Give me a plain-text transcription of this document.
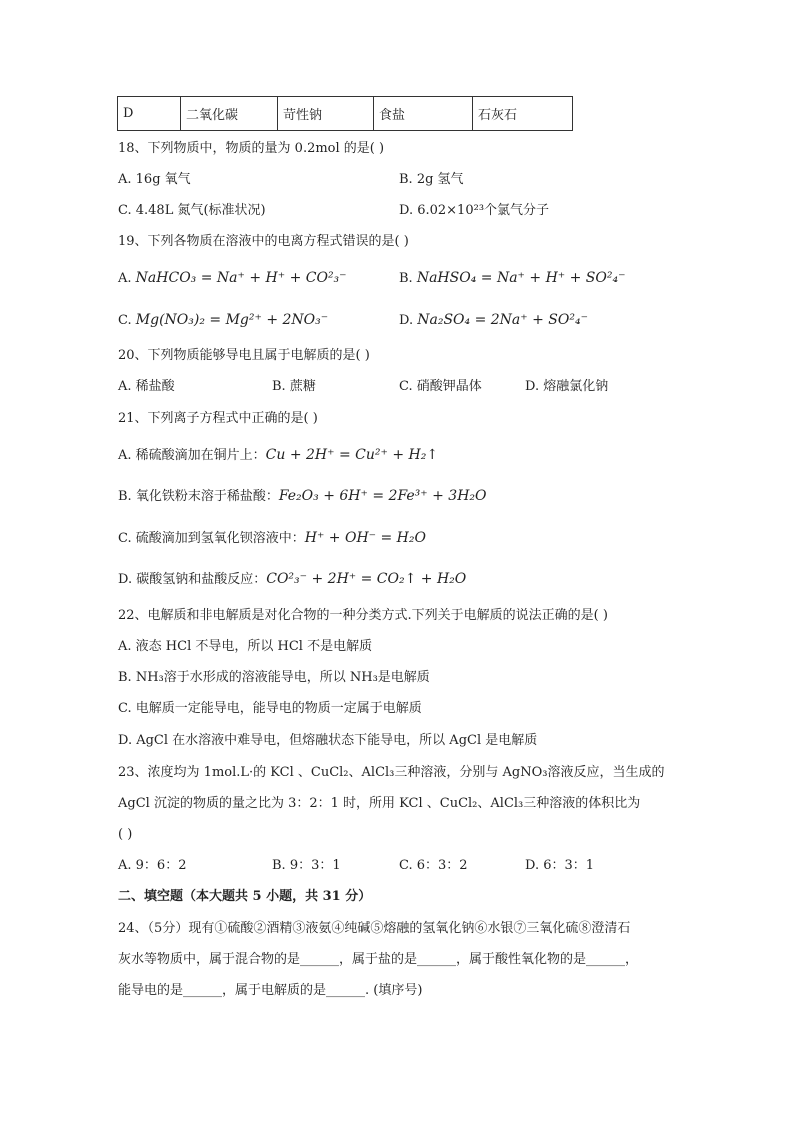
D	二氧化碳	苛性钠	食盐	石灰石
18、下列物质中，物质的量为 0.2mol 的是( )
A. 16g 氧气	B. 2g 氢气
C. 4.48L 氮气(标准状况)	D. 6.02×10²³个氯气分子
19、下列各物质在溶液中的电离方程式错误的是( )
A. NaHCO₃ = Na⁺ + H⁺ + CO²₃⁻	B. NaHSO₄ = Na⁺ + H⁺ + SO²₄⁻
C. Mg(NO₃)₂ = Mg²⁺ + 2NO₃⁻	D. Na₂SO₄ = 2Na⁺ + SO²₄⁻
20、下列物质能够导电且属于电解质的是( )
A. 稀盐酸	B. 蔗糖	C. 硝酸钾晶体	D. 熔融氯化钠
21、下列离子方程式中正确的是( )
A. 稀硫酸滴加在铜片上：Cu + 2H⁺ = Cu²⁺ + H₂↑
B. 氧化铁粉末溶于稀盐酸：Fe₂O₃ + 6H⁺ = 2Fe³⁺ + 3H₂O
C. 硫酸滴加到氢氧化钡溶液中：H⁺ + OH⁻ = H₂O
D. 碳酸氢钠和盐酸反应：CO²₃⁻ + 2H⁺ = CO₂↑ + H₂O
22、电解质和非电解质是对化合物的一种分类方式.下列关于电解质的说法正确的是( )
A. 液态 HCl 不导电，所以 HCl 不是电解质
B. NH₃溶于水形成的溶液能导电，所以 NH₃是电解质
C. 电解质一定能导电，能导电的物质一定属于电解质
D. AgCl 在水溶液中难导电，但熔融状态下能导电，所以 AgCl 是电解质
23、浓度均为 1mol.L·的 KCl 、CuCl₂、AlCl₃三种溶液，分别与 AgNO₃溶液反应，当生成的
AgCl 沉淀的物质的量之比为 3：2：1 时，所用 KCl 、CuCl₂、AlCl₃三种溶液的体积比为
( )
A. 9：6：2	B. 9：3：1	C. 6：3：2	D. 6：3：1
二、填空题（本大题共 5 小题，共 31 分）
24、（5分）现有①硫酸②酒精③液氨④纯碱⑤熔融的氢氧化钠⑥水银⑦三氧化硫⑧澄清石
灰水等物质中，属于混合物的是______，属于盐的是______，属于酸性氧化物的是______，
能导电的是______，属于电解质的是______. (填序号)
